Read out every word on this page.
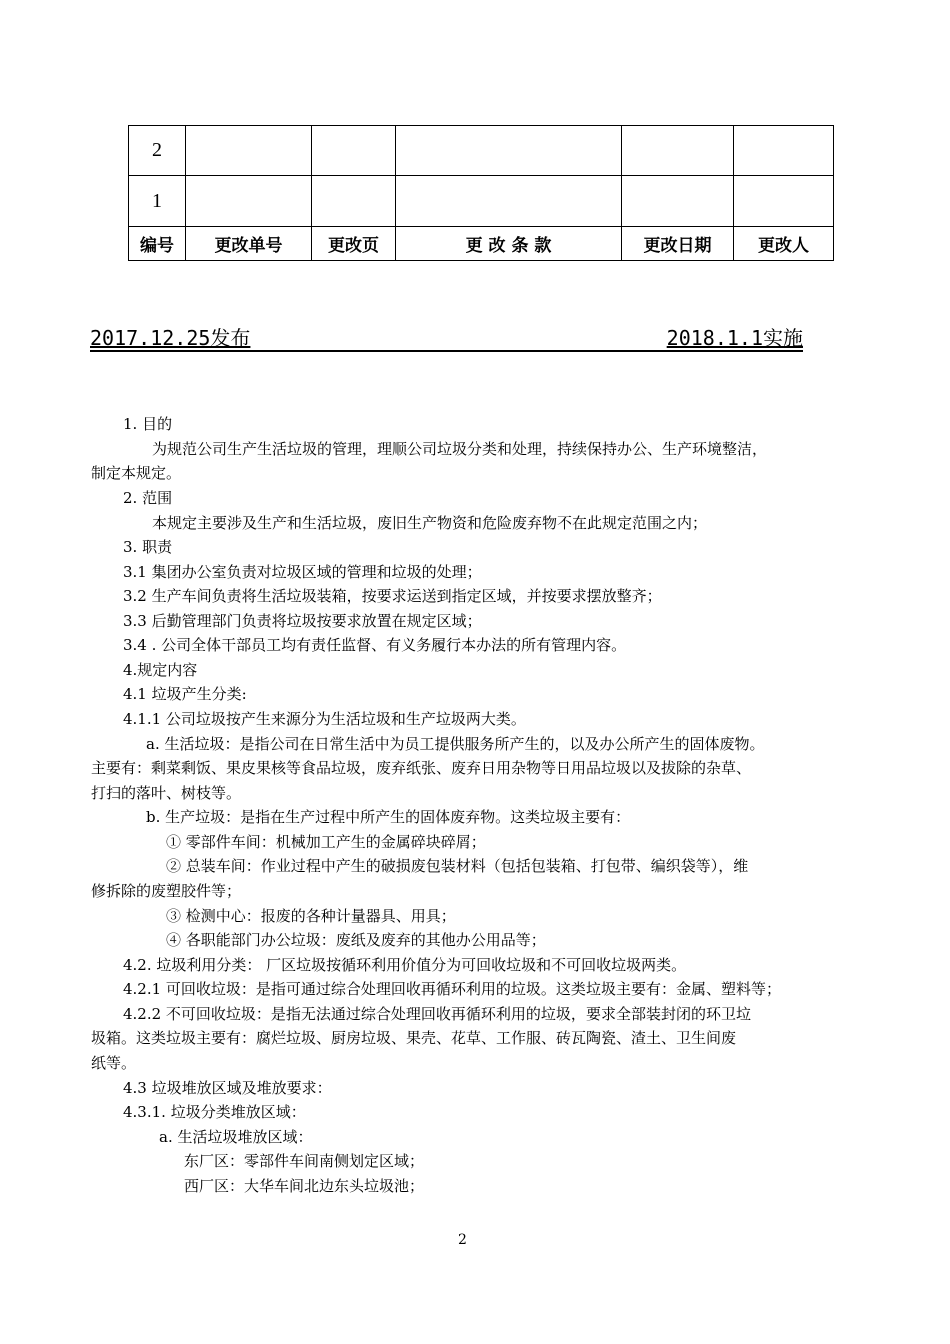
2					
1					
编号	更改单号	更改页	更 改 条 款	更改日期	更改人
2017.12.25发布	2018.1.1实施
1. 目的
为规范公司生产生活垃圾的管理，理顺公司垃圾分类和处理，持续保持办公、生产环境整洁，
制定本规定。
2. 范围
本规定主要涉及生产和生活垃圾，废旧生产物资和危险废弃物不在此规定范围之内；
3. 职责
3.1 集团办公室负责对垃圾区域的管理和垃圾的处理；
3.2 生产车间负责将生活垃圾装箱，按要求运送到指定区域，并按要求摆放整齐；
3.3 后勤管理部门负责将垃圾按要求放置在规定区域；
3.4 . 公司全体干部员工均有责任监督、有义务履行本办法的所有管理内容。
4.规定内容
4.1 垃圾产生分类:
4.1.1 公司垃圾按产生来源分为生活垃圾和生产垃圾两大类。
a. 生活垃圾：是指公司在日常生活中为员工提供服务所产生的，以及办公所产生的固体废物。
主要有：剩菜剩饭、果皮果核等食品垃圾，废弃纸张、废弃日用杂物等日用品垃圾以及拔除的杂草、
打扫的落叶、树枝等。
b. 生产垃圾：是指在生产过程中所产生的固体废弃物。这类垃圾主要有：
① 零部件车间：机械加工产生的金属碎块碎屑；
② 总装车间：作业过程中产生的破损废包装材料（包括包装箱、打包带、编织袋等），维
修拆除的废塑胶件等；
③ 检测中心：报废的各种计量器具、用具；
④ 各职能部门办公垃圾：废纸及废弃的其他办公用品等；
4.2. 垃圾利用分类： 厂区垃圾按循环利用价值分为可回收垃圾和不可回收垃圾两类。
4.2.1 可回收垃圾：是指可通过综合处理回收再循环利用的垃圾。这类垃圾主要有：金属、塑料等；
4.2.2 不可回收垃圾：是指无法通过综合处理回收再循环利用的垃圾，要求全部装封闭的环卫垃
圾箱。这类垃圾主要有：腐烂垃圾、厨房垃圾、果壳、花草、工作服、砖瓦陶瓷、渣土、卫生间废
纸等。
4.3 垃圾堆放区域及堆放要求：
4.3.1. 垃圾分类堆放区域：
a. 生活垃圾堆放区域：
东厂区：零部件车间南侧划定区域；
西厂区：大华车间北边东头垃圾池；
2
